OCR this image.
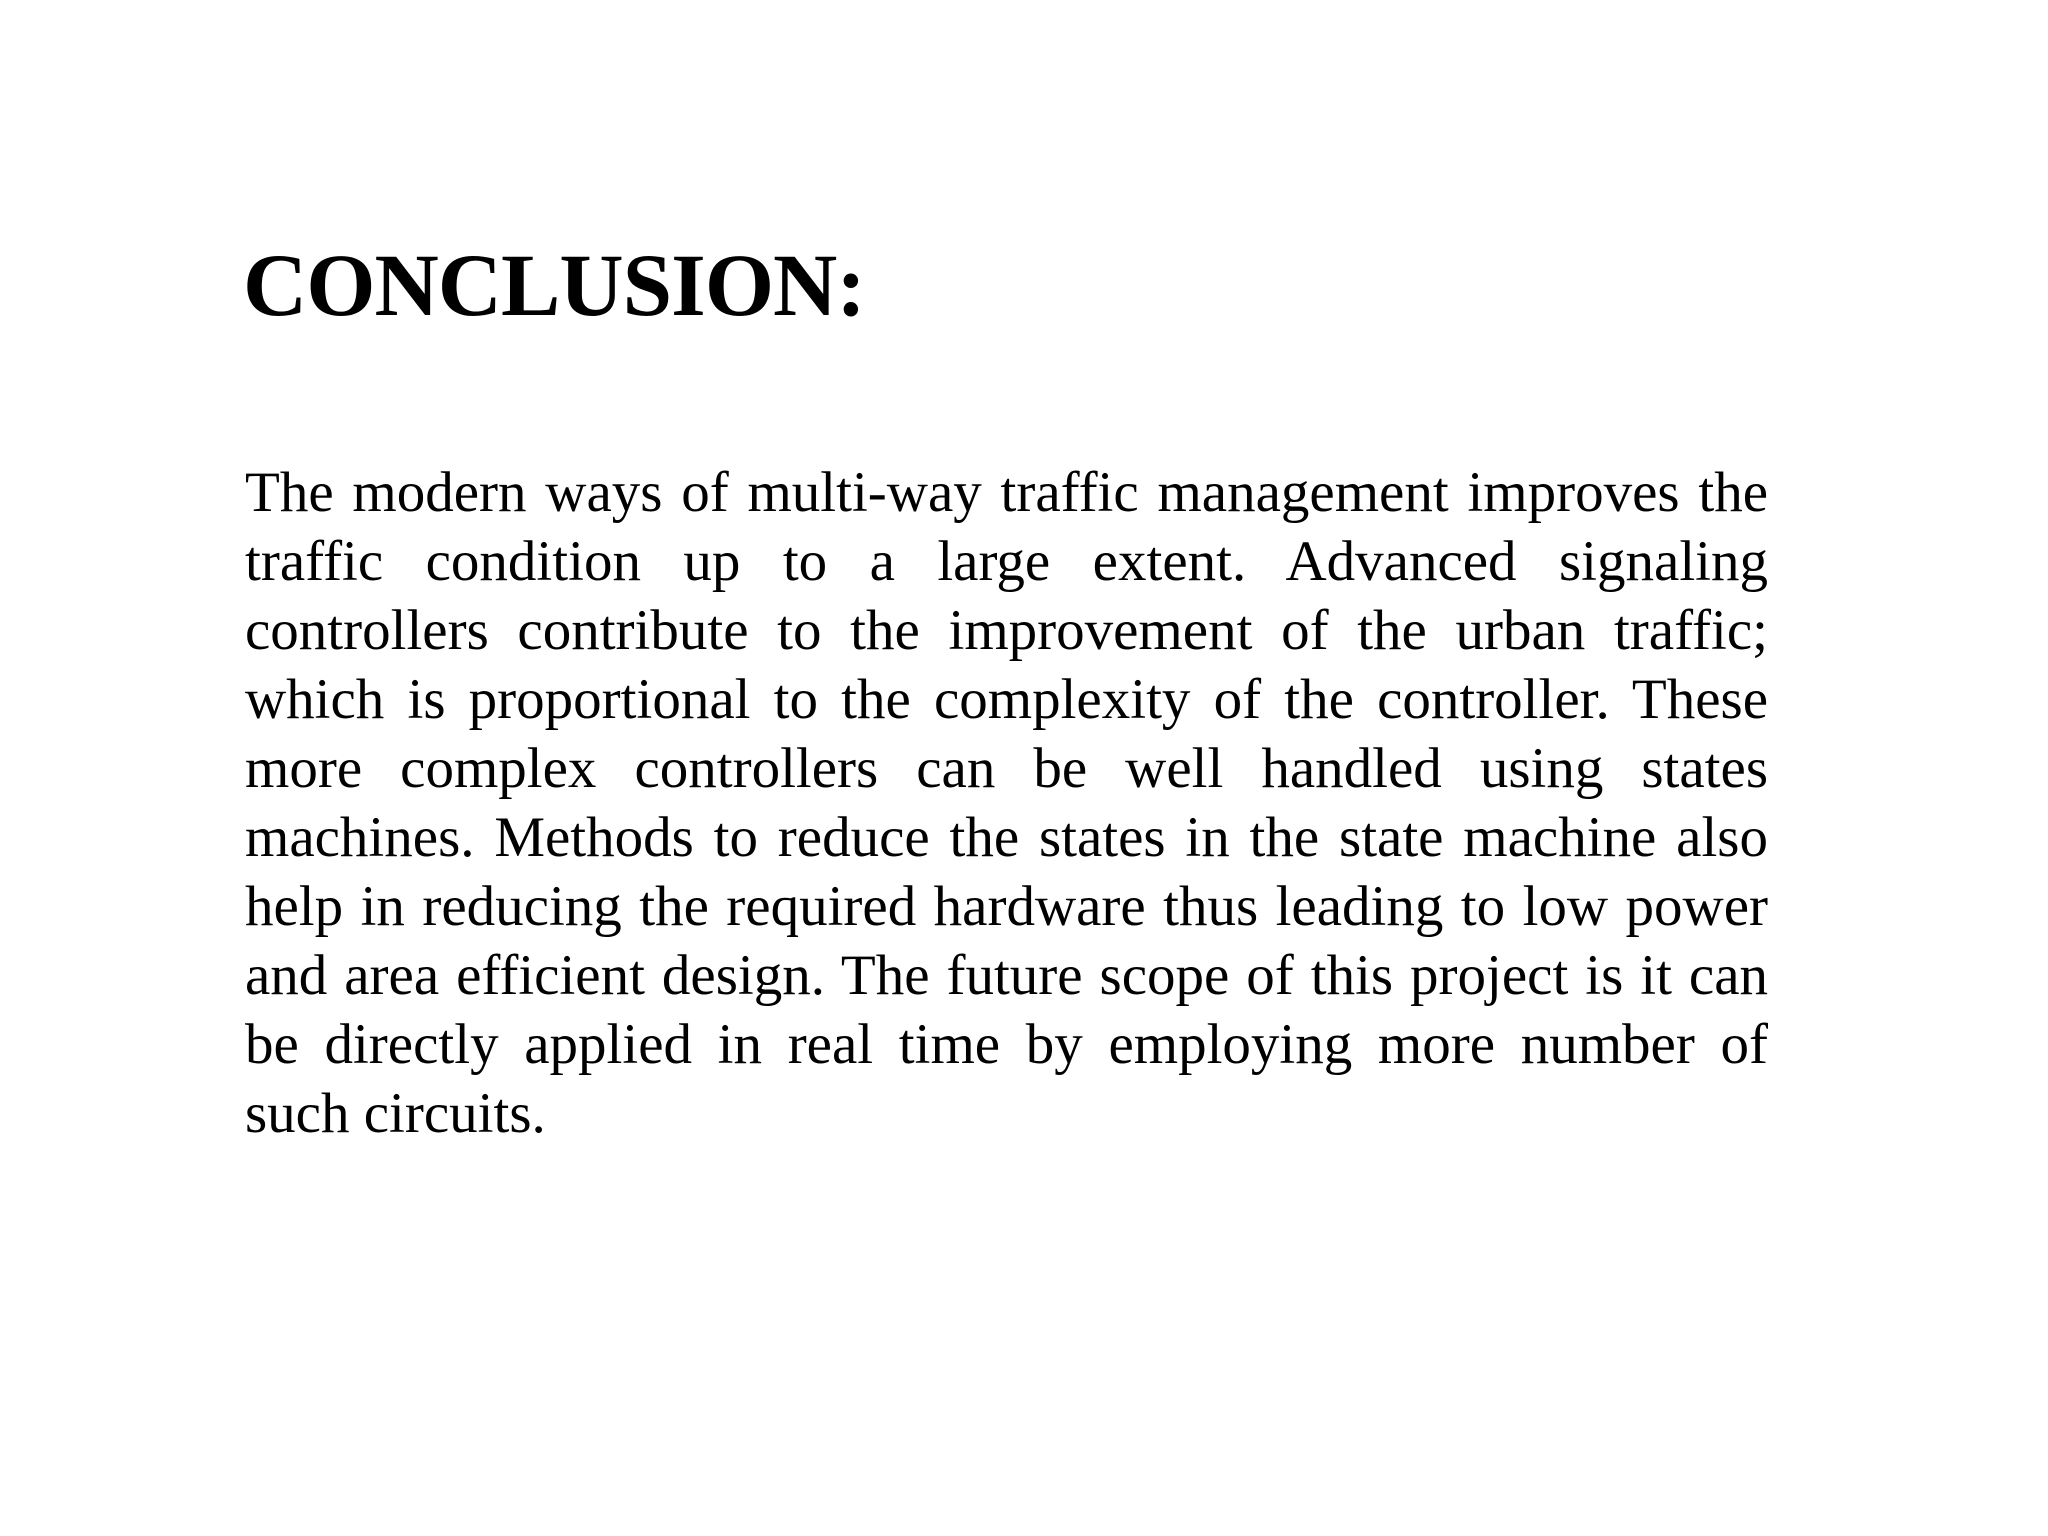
CONCLUSION:

The modern ways of multi-way traffic management improves the traffic condition up to a large extent. Advanced signaling controllers contribute to the improvement of the urban traffic; which is proportional to the complexity of the controller. These more complex controllers can be well handled using states machines. Methods to reduce the states in the state machine also help in reducing the required hardware thus leading to low power and area efficient design. The future scope of this project is it can be directly applied in real time by employing more number of such circuits.
